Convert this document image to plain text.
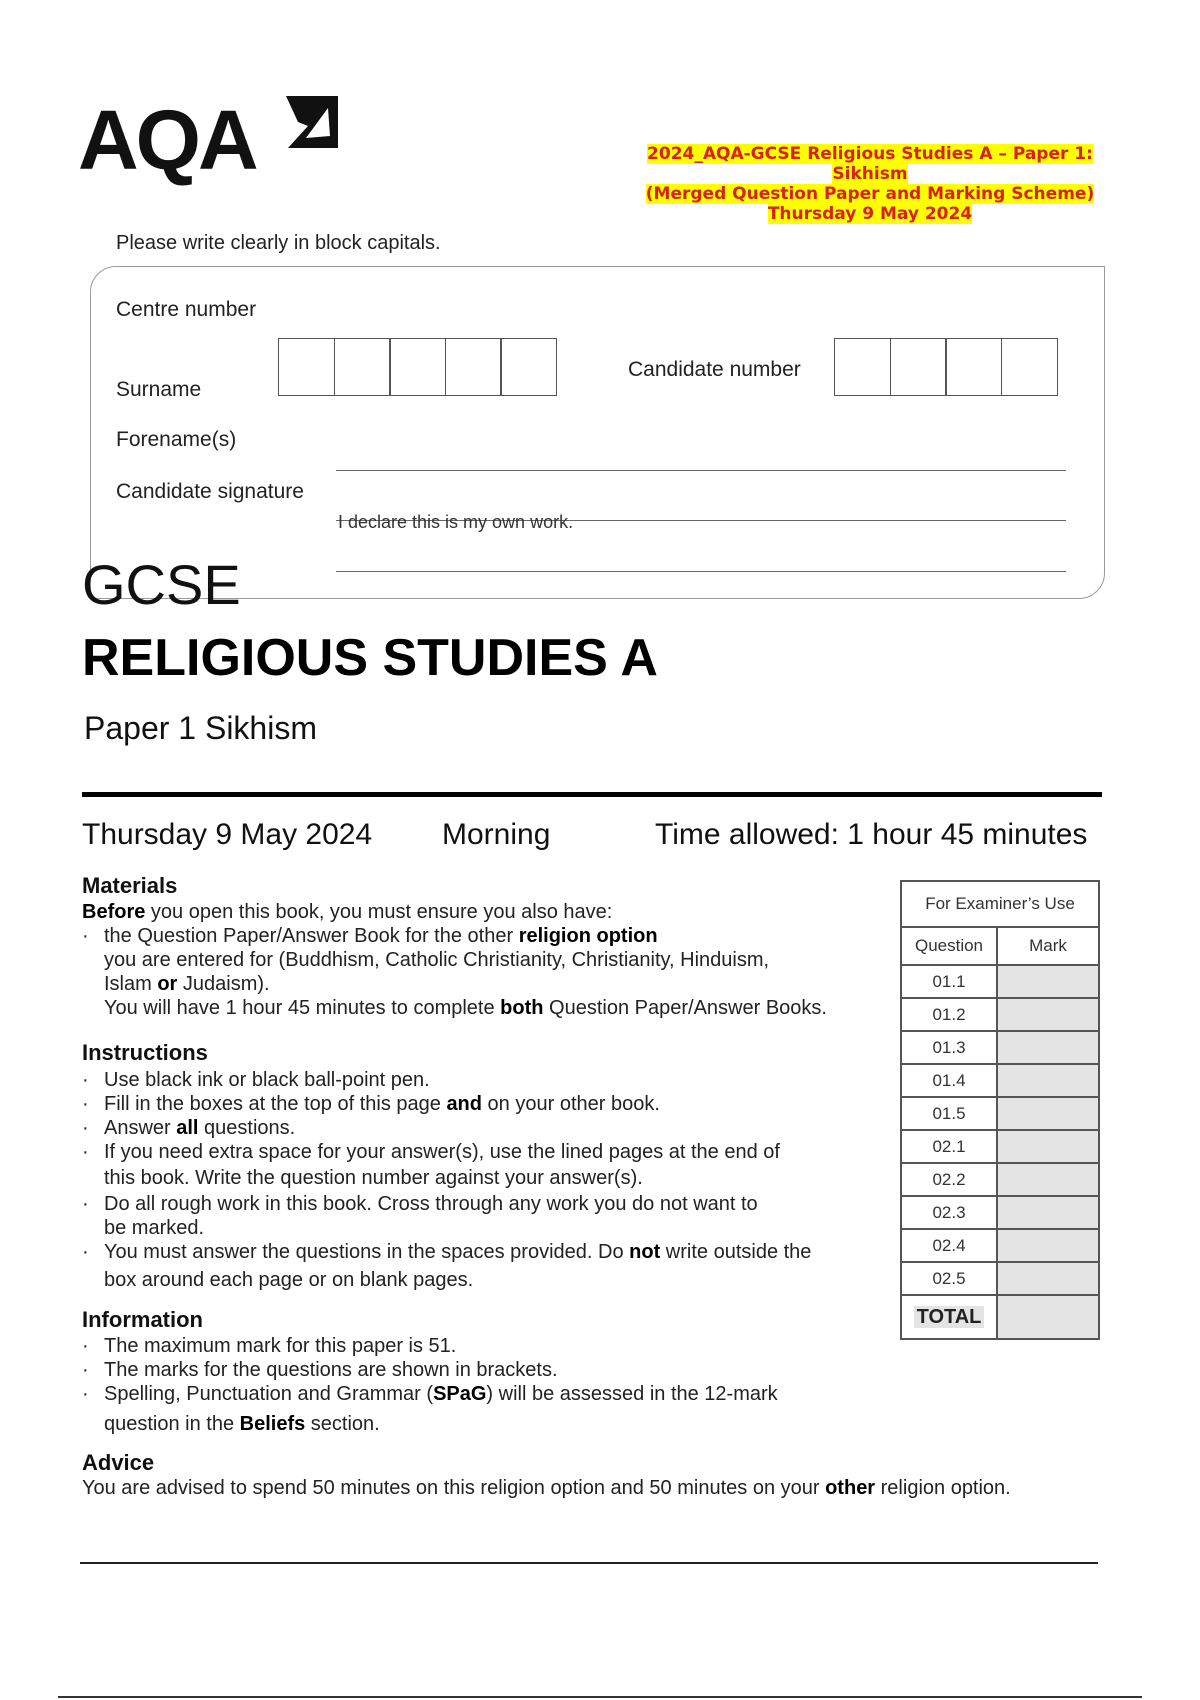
AQA	2024_AQA-GCSE Religious Studies A – Paper 1:
Sikhism
(Merged Question Paper and Marking Scheme)
Thursday 9 May 2024
Please write clearly in block capitals.
Centre number
Candidate number
Surname
Forename(s)
Candidate signature
I declare this is my own work.
GCSE
RELIGIOUS STUDIES A
Paper 1 Sikhism
Thursday 9 May 2024 Morning	Time allowed: 1 hour 45 minutes
Materials
Before you open this book, you must ensure you also have:
· the Question Paper/Answer Book for the other religion option
you are entered for (Buddhism, Catholic Christianity, Christianity, Hinduism,
Islam or Judaism).
You will have 1 hour 45 minutes to complete both Question Paper/Answer Books.
Instructions
· Use black ink or black ball-point pen.
· Fill in the boxes at the top of this page and on your other book.
· Answer all questions.
· If you need extra space for your answer(s), use the lined pages at the end of
this book. Write the question number against your answer(s).
· Do all rough work in this book. Cross through any work you do not want to
be marked.
· You must answer the questions in the spaces provided. Do not write outside the
box around each page or on blank pages.
Information
· The maximum mark for this paper is 51.
· The marks for the questions are shown in brackets.
· Spelling, Punctuation and Grammar (SPaG) will be assessed in the 12-mark
question in the Beliefs section.
Advice
You are advised to spend 50 minutes on this religion option and 50 minutes on your other religion option.
For Examiner’s Use	
Question	Mark
01.1	
01.2	
01.3	
01.4	
01.5	
02.1	
02.2	
02.3	
02.4	
02.5	
TOTAL	
